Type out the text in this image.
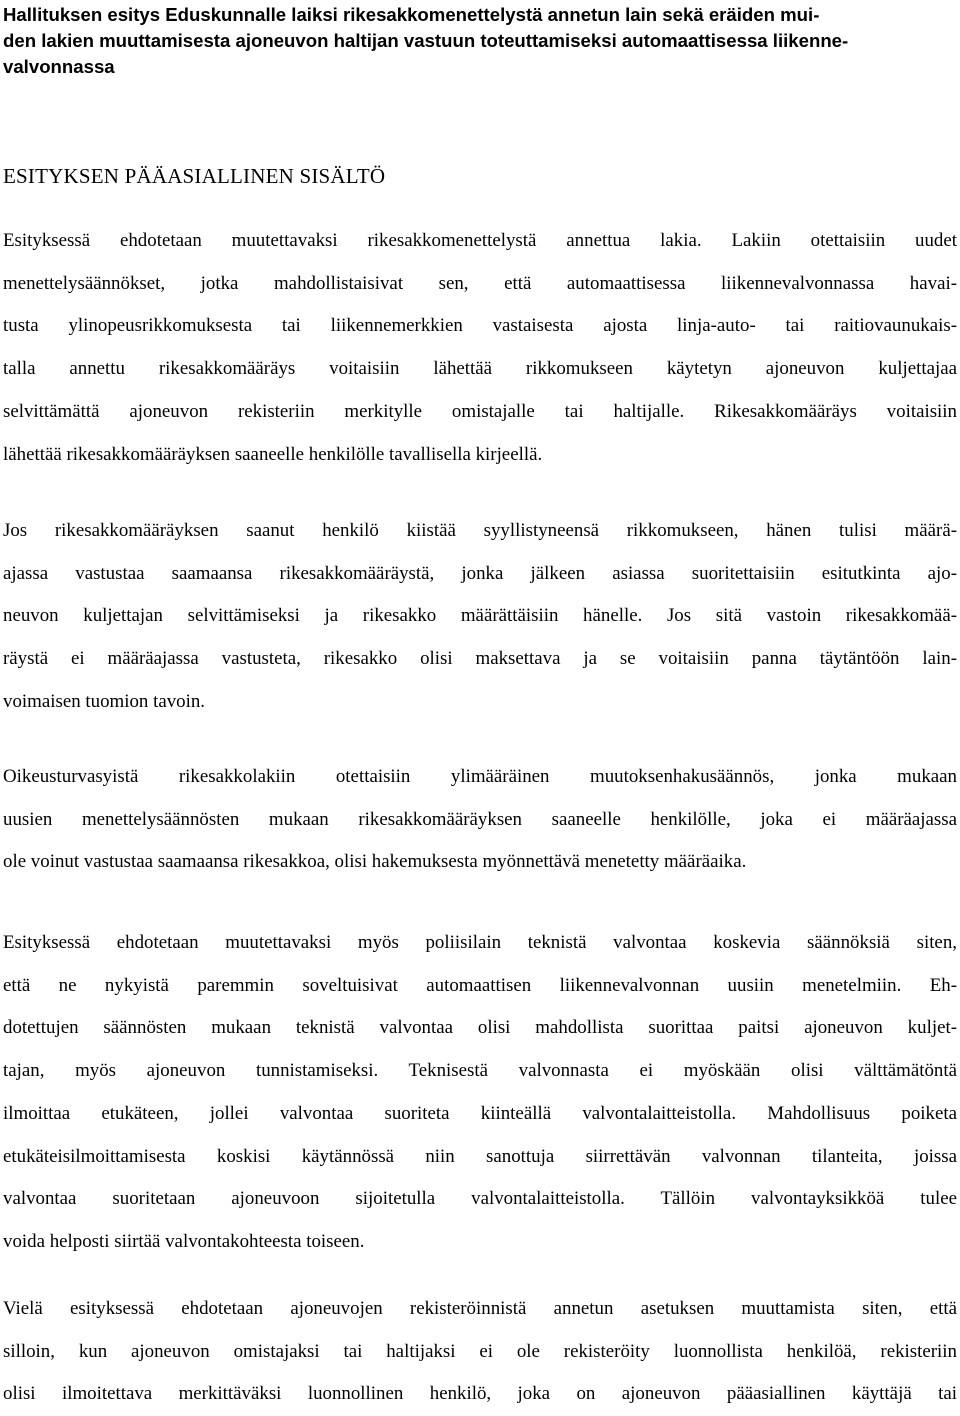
Hallituksen esitys Eduskunnalle laiksi rikesakkomenettelystä annetun lain sekä eräiden mui-
den lakien muuttamisesta ajoneuvon haltijan vastuun toteuttamiseksi automaattisessa liikenne-
valvonnassa
ESITYKSEN PÄÄASIALLINEN SISÄLTÖ

Esityksessä ehdotetaan muutettavaksi rikesakkomenettelystä annettua lakia. Lakiin otettaisiin uudet
menettelysäännökset, jotka mahdollistaisivat sen, että automaattisessa liikennevalvonnassa havai-
tusta ylinopeusrikkomuksesta tai liikennemerkkien vastaisesta ajosta linja-auto- tai raitiovaunukais-
talla annettu rikesakkomääräys voitaisiin lähettää rikkomukseen käytetyn ajoneuvon kuljettajaa
selvittämättä ajoneuvon rekisteriin merkitylle omistajalle tai haltijalle. Rikesakkomääräys voitaisiin
lähettää rikesakkomääräyksen saaneelle henkilölle tavallisella kirjeellä.

Jos rikesakkomääräyksen saanut henkilö kiistää syyllistyneensä rikkomukseen, hänen tulisi määrä-
ajassa vastustaa saamaansa rikesakkomääräystä, jonka jälkeen asiassa suoritettaisiin esitutkinta ajo-
neuvon kuljettajan selvittämiseksi ja rikesakko määrättäisiin hänelle. Jos sitä vastoin rikesakkomää-
räystä ei määräajassa vastusteta, rikesakko olisi maksettava ja se voitaisiin panna täytäntöön lain-
voimaisen tuomion tavoin.

Oikeusturvasyistä rikesakkolakiin otettaisiin ylimääräinen muutoksenhakusäännös, jonka mukaan
uusien menettelysäännösten mukaan rikesakkomääräyksen saaneelle henkilölle, joka ei määräajassa
ole voinut vastustaa saamaansa rikesakkoa, olisi hakemuksesta myönnettävä menetetty määräaika.

Esityksessä ehdotetaan muutettavaksi myös poliisilain teknistä valvontaa koskevia säännöksiä siten,
että ne nykyistä paremmin soveltuisivat automaattisen liikennevalvonnan uusiin menetelmiin. Eh-
dotettujen säännösten mukaan teknistä valvontaa olisi mahdollista suorittaa paitsi ajoneuvon kuljet-
tajan, myös ajoneuvon tunnistamiseksi. Teknisestä valvonnasta ei myöskään olisi välttämätöntä
ilmoittaa etukäteen, jollei valvontaa suoriteta kiinteällä valvontalaitteistolla. Mahdollisuus poiketa
etukäteisilmoittamisesta koskisi käytännössä niin sanottuja siirrettävän valvonnan tilanteita, joissa
valvontaa suoritetaan ajoneuvoon sijoitetulla valvontalaitteistolla. Tällöin valvontayksikköä tulee
voida helposti siirtää valvontakohteesta toiseen.

Vielä esityksessä ehdotetaan ajoneuvojen rekisteröinnistä annetun asetuksen muuttamista siten, että
silloin, kun ajoneuvon omistajaksi tai haltijaksi ei ole rekisteröity luonnollista henkilöä, rekisteriin
olisi ilmoitettava merkittäväksi luonnollinen henkilö, joka on ajoneuvon pääasiallinen käyttäjä tai
